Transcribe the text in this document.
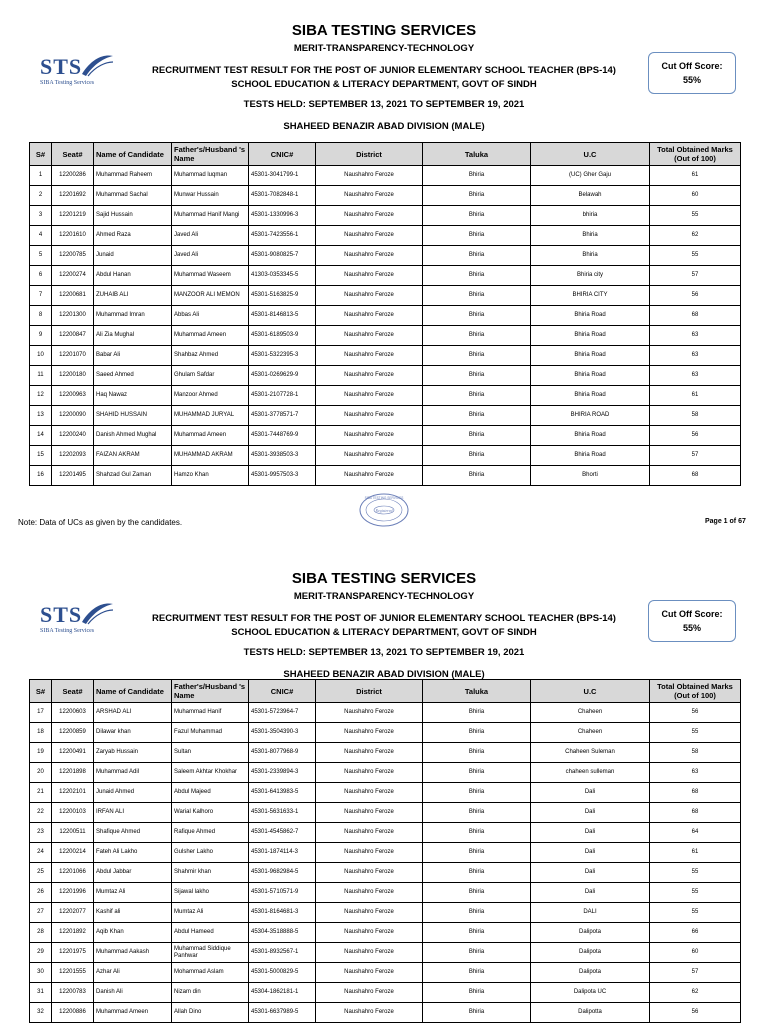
SIBA TESTING SERVICES
MERIT-TRANSPARENCY-TECHNOLOGY
RECRUITMENT TEST RESULT FOR THE POST OF JUNIOR ELEMENTARY SCHOOL TEACHER (BPS-14)
SCHOOL EDUCATION & LITERACY DEPARTMENT, GOVT OF SINDH
TESTS HELD: SEPTEMBER 13, 2021 TO SEPTEMBER 19, 2021
SHAHEED BENAZIR ABAD DIVISION (MALE)
STS
SIBA Testing Services
Cut Off Score:
55%
S#	Seat#	Name of Candidate	Father's/Husband 's Name	CNIC#	District	Taluka	U.C	Total Obtained Marks (Out of 100)
1	12200286	Muhammad Raheem	Muhammad luqman	45301-3041799-1	Naushahro Feroze	Bhiria	(UC) Gher Gaju	61
2	12201692	Muhammad Sachal	Munwar Hussain	45301-7082848-1	Naushahro Feroze	Bhiria	Belawah	60
3	12201219	Sajid Hussain	Muhammad Hanif Mangi	45301-1330996-3	Naushahro Feroze	Bhiria	bhiria	55
4	12201610	Ahmed Raza	Javed Ali	45301-7423556-1	Naushahro Feroze	Bhiria	Bhiria	62
5	12200785	Junaid	Javed Ali	45301-9080825-7	Naushahro Feroze	Bhiria	Bhiria	55
6	12200274	Abdul Hanan	Muhammad Waseem	41303-0353345-5	Naushahro Feroze	Bhiria	Bhiria city	57
7	12200681	ZUHAIB ALI	MANZOOR ALI MEMON	45301-5163825-9	Naushahro Feroze	Bhiria	BHIRIA CITY	56
8	12201300	Muhammad Imran	Abbas Ali	45301-8146813-5	Naushahro Feroze	Bhiria	Bhiria Road	68
9	12200847	Ali Zia Mughal	Muhammad Ameen	45301-6189503-9	Naushahro Feroze	Bhiria	Bhiria Road	63
10	12201070	Babar Ali	Shahbaz Ahmed	45301-5322395-3	Naushahro Feroze	Bhiria	Bhiria Road	63
11	12200180	Saeed Ahmed	Ghulam Safdar	45301-0269629-9	Naushahro Feroze	Bhiria	Bhiria Road	63
12	12200963	Haq Nawaz	Manzoor Ahmed	45301-2107728-1	Naushahro Feroze	Bhiria	Bhiria Road	61
13	12200090	SHAHID HUSSAIN	MUHAMMAD JURYAL	45301-3778571-7	Naushahro Feroze	Bhiria	BHIRIA ROAD	58
14	12200240	Danish Ahmed Mughal	Muhammad Ameen	45301-7448769-9	Naushahro Feroze	Bhiria	Bhiria Road	56
15	12202093	FAIZAN AKRAM	MUHAMMAD AKRAM	45301-3938503-3	Naushahro Feroze	Bhiria	Bhiria Road	57
16	12201495	Shahzad Gul Zaman	Hamzo Khan	45301-9957503-3	Naushahro Feroze	Bhiria	Bhorti	68
Registered
SIBA TESTING SERVICES
Note: Data of UCs as given by the candidates.	Page 1 of 67
SIBA TESTING SERVICES
MERIT-TRANSPARENCY-TECHNOLOGY
RECRUITMENT TEST RESULT FOR THE POST OF JUNIOR ELEMENTARY SCHOOL TEACHER (BPS-14)
SCHOOL EDUCATION & LITERACY DEPARTMENT, GOVT OF SINDH
TESTS HELD: SEPTEMBER 13, 2021 TO SEPTEMBER 19, 2021
SHAHEED BENAZIR ABAD DIVISION (MALE)
STS
SIBA Testing Services
Cut Off Score:
55%
S#	Seat#	Name of Candidate	Father's/Husband 's Name	CNIC#	District	Taluka	U.C	Total Obtained Marks (Out of 100)
17	12200603	ARSHAD ALI	Muhammad Hanif	45301-5723964-7	Naushahro Feroze	Bhiria	Chaheen	56
18	12200859	Dilawar khan	Fazul Muhammad	45301-3504390-3	Naushahro Feroze	Bhiria	Chaheen	55
19	12200491	Zaryab Hussain	Sultan	45301-8077968-9	Naushahro Feroze	Bhiria	Chaheen Suleman	58
20	12201898	Muhammad Adil	Saleem Akhtar Khokhar	45301-2339894-3	Naushahro Feroze	Bhiria	chaheen sulleman	63
21	12202101	Junaid Ahmed	Abdul Majeed	45301-6413983-5	Naushahro Feroze	Bhiria	Dali	68
22	12200103	IRFAN ALI	Warial Kalhoro	45301-5631633-1	Naushahro Feroze	Bhiria	Dali	68
23	12200511	Shafique Ahmed	Rafique Ahmed	45301-4545862-7	Naushahro Feroze	Bhiria	Dali	64
24	12200214	Fateh Ali Lakho	Gulsher Lakho	45301-1874114-3	Naushahro Feroze	Bhiria	Dali	61
25	12201066	Abdul Jabbar	Shahmir khan	45301-9682984-5	Naushahro Feroze	Bhiria	Dali	55
26	12201996	Mumtaz Ali	Sijawal lakho	45301-5710571-9	Naushahro Feroze	Bhiria	Dali	55
27	12202077	Kashif ali	Mumtaz Ali	45301-8164681-3	Naushahro Feroze	Bhiria	DALI	55
28	12201892	Aqib Khan	Abdul Hameed	45304-3518888-5	Naushahro Feroze	Bhiria	Dalipota	66
29	12201975	Muhammad Aakash	Muhammad Siddique Panhwar	45301-8932567-1	Naushahro Feroze	Bhiria	Dalipota	60
30	12201555	Azhar Ali	Mohammad Aslam	45301-5000829-5	Naushahro Feroze	Bhiria	Dalipota	57
31	12200783	Danish Ali	Nizam din	45304-1862181-1	Naushahro Feroze	Bhiria	Dalipota UC	62
32	12200886	Muhammad Ameen	Allah Dino	45301-6637989-5	Naushahro Feroze	Bhiria	Dalipotta	56
